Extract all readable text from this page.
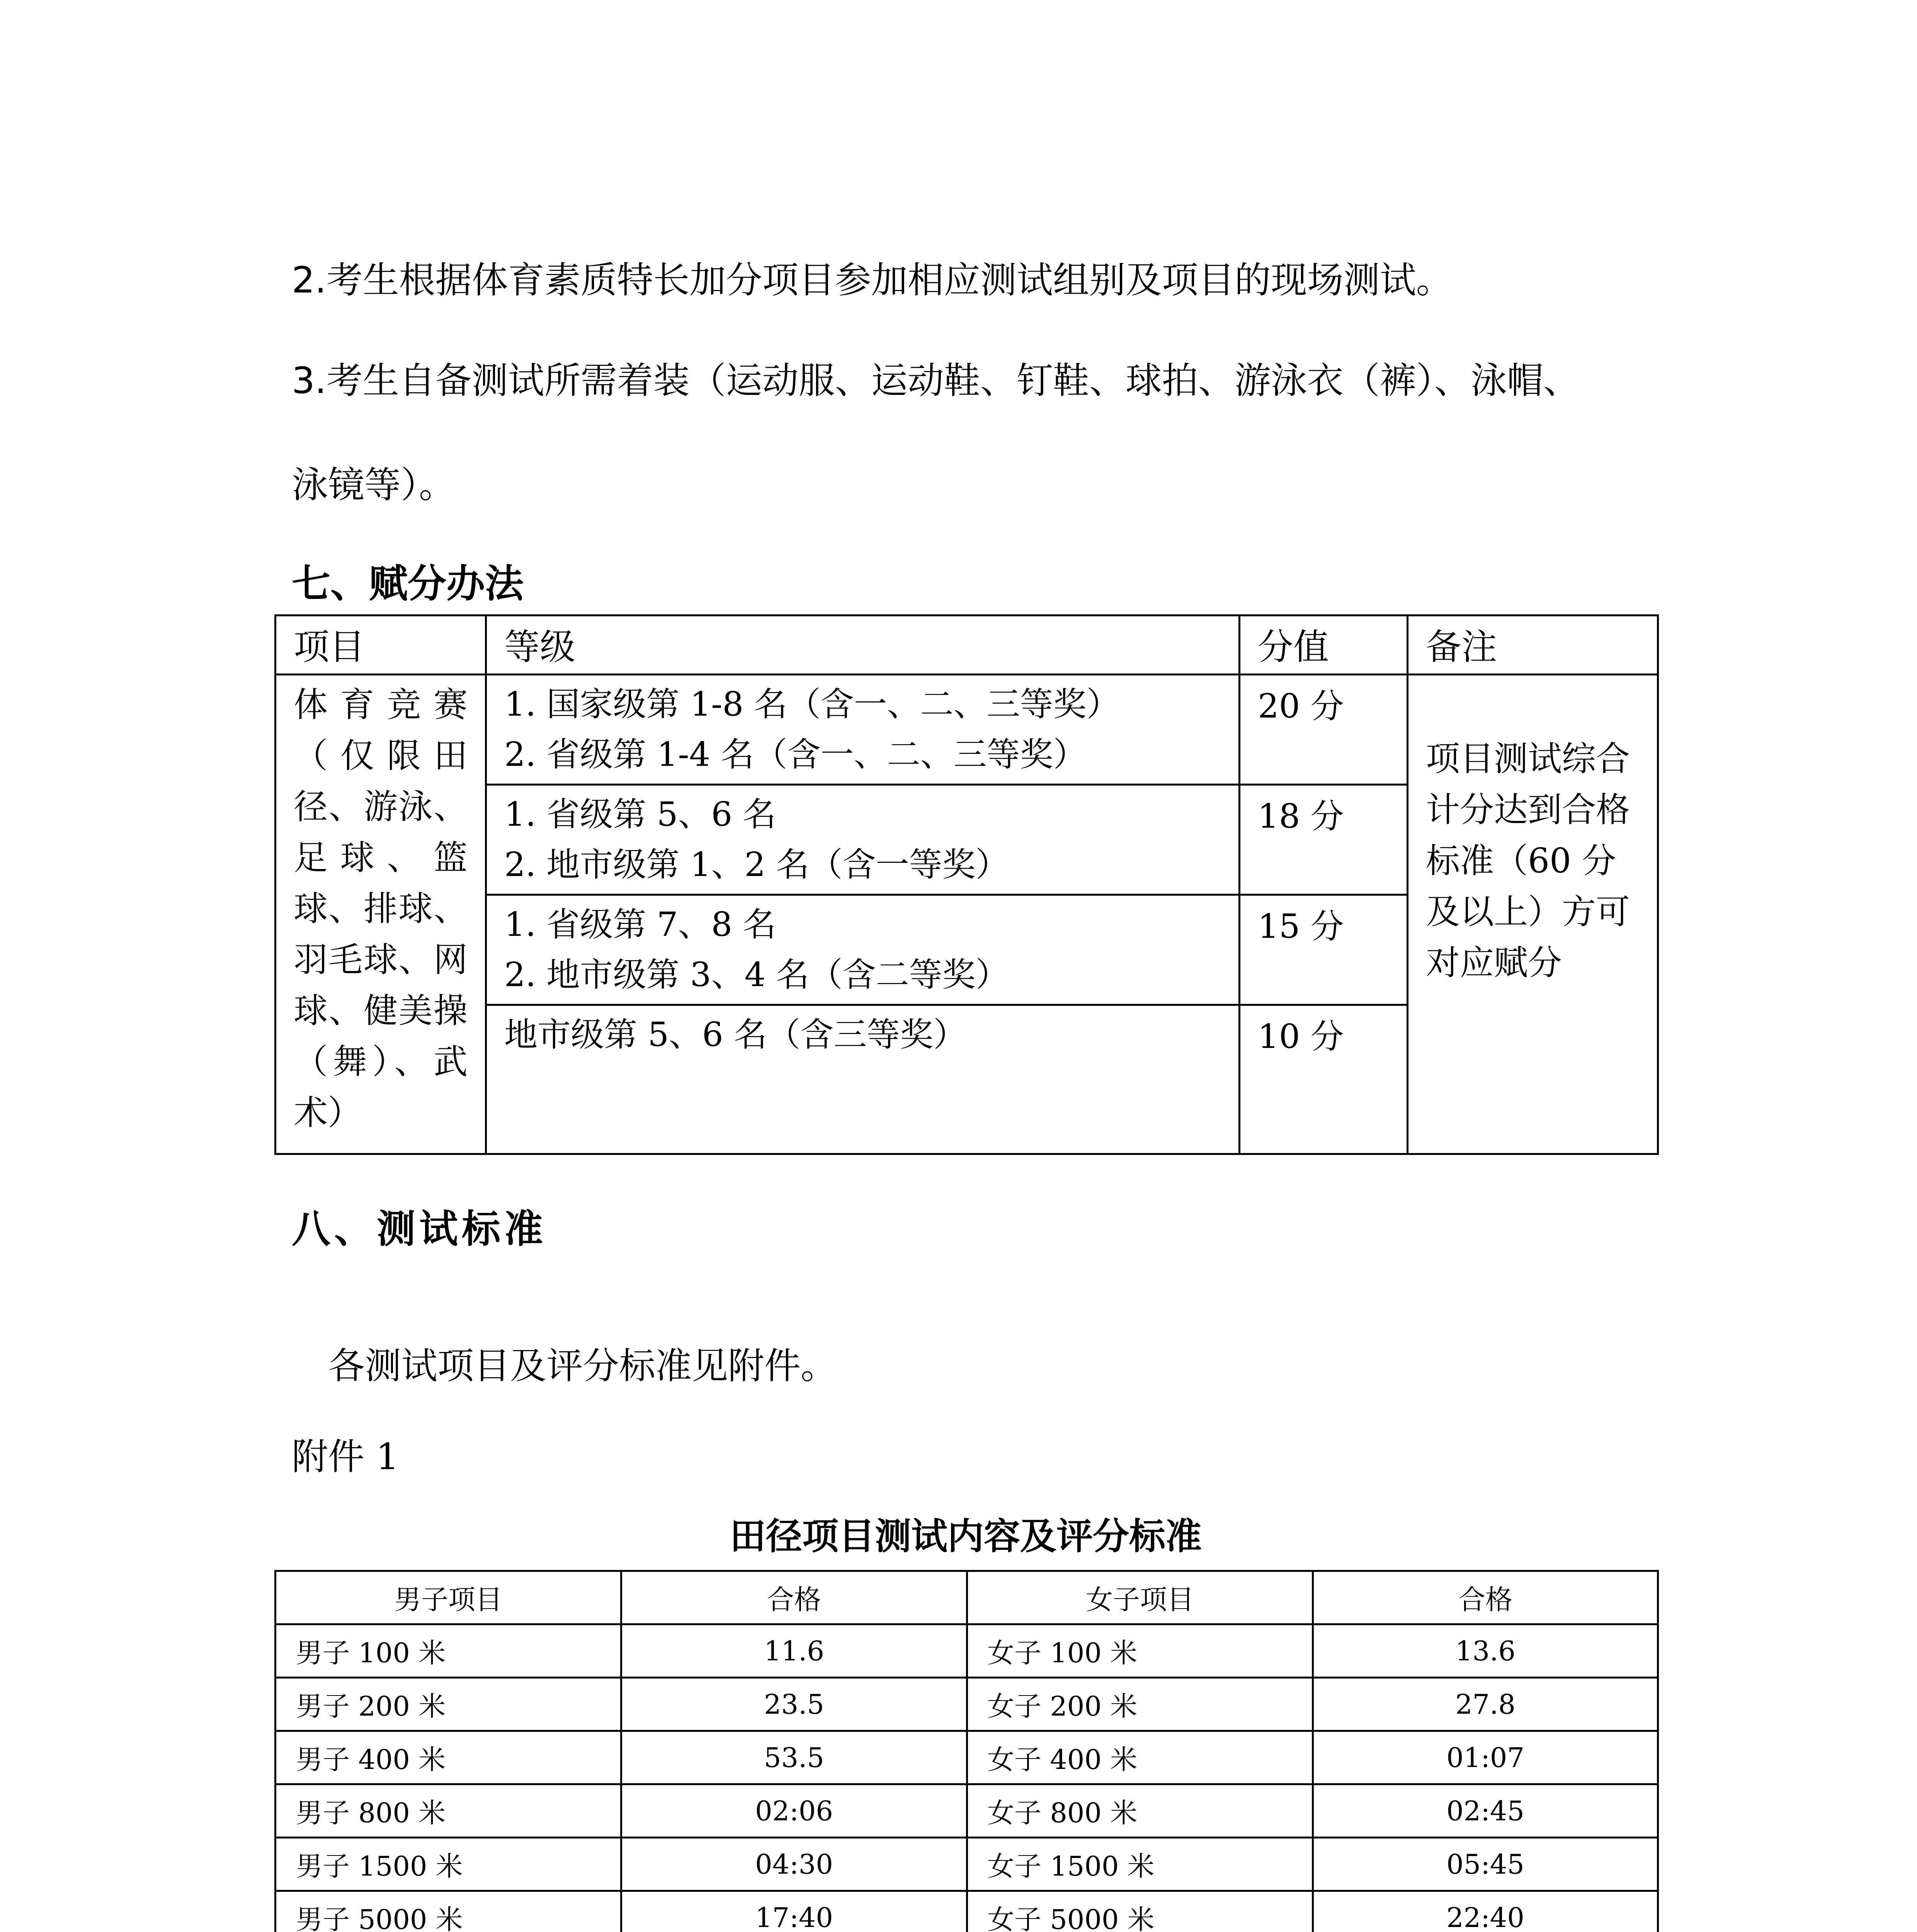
2.考生根据体育素质特长加分项目参加相应测试组别及项目的现场测试。
3.考生自备测试所需着装（运动服、运动鞋、钉鞋、球拍、游泳衣（裤）、泳帽、
泳镜等）。
七、赋分办法
项目	等级	分值	备注

体育竞赛（仅限田径、游泳、足球、篮球、排球、羽毛球、网球、健美操（舞）、武术）	1. 国家级第 1-8 名（含一、二、三等奖）
2. 省级第 1-4 名（含一、二、三等奖）	20 分	项目测试综合计分达到合格标准（60 分及以上）方可对应赋分

	1. 省级第 5、6 名
2. 地市级第 1、2 名（含一等奖）	18 分	

	1. 省级第 7、8 名
2. 地市级第 3、4 名（含二等奖）	15 分	

	地市级第 5、6 名（含三等奖）	10 分	
八、测试标准
各测试项目及评分标准见附件。
附件 1
田径项目测试内容及评分标准
男子项目	合格	女子项目	合格
男子 100 米	11.6	女子 100 米	13.6
男子 200 米	23.5	女子 200 米	27.8
男子 400 米	53.5	女子 400 米	01:07
男子 800 米	02:06	女子 800 米	02:45
男子 1500 米	04:30	女子 1500 米	05:45
男子 5000 米	17:40	女子 5000 米	22:40
